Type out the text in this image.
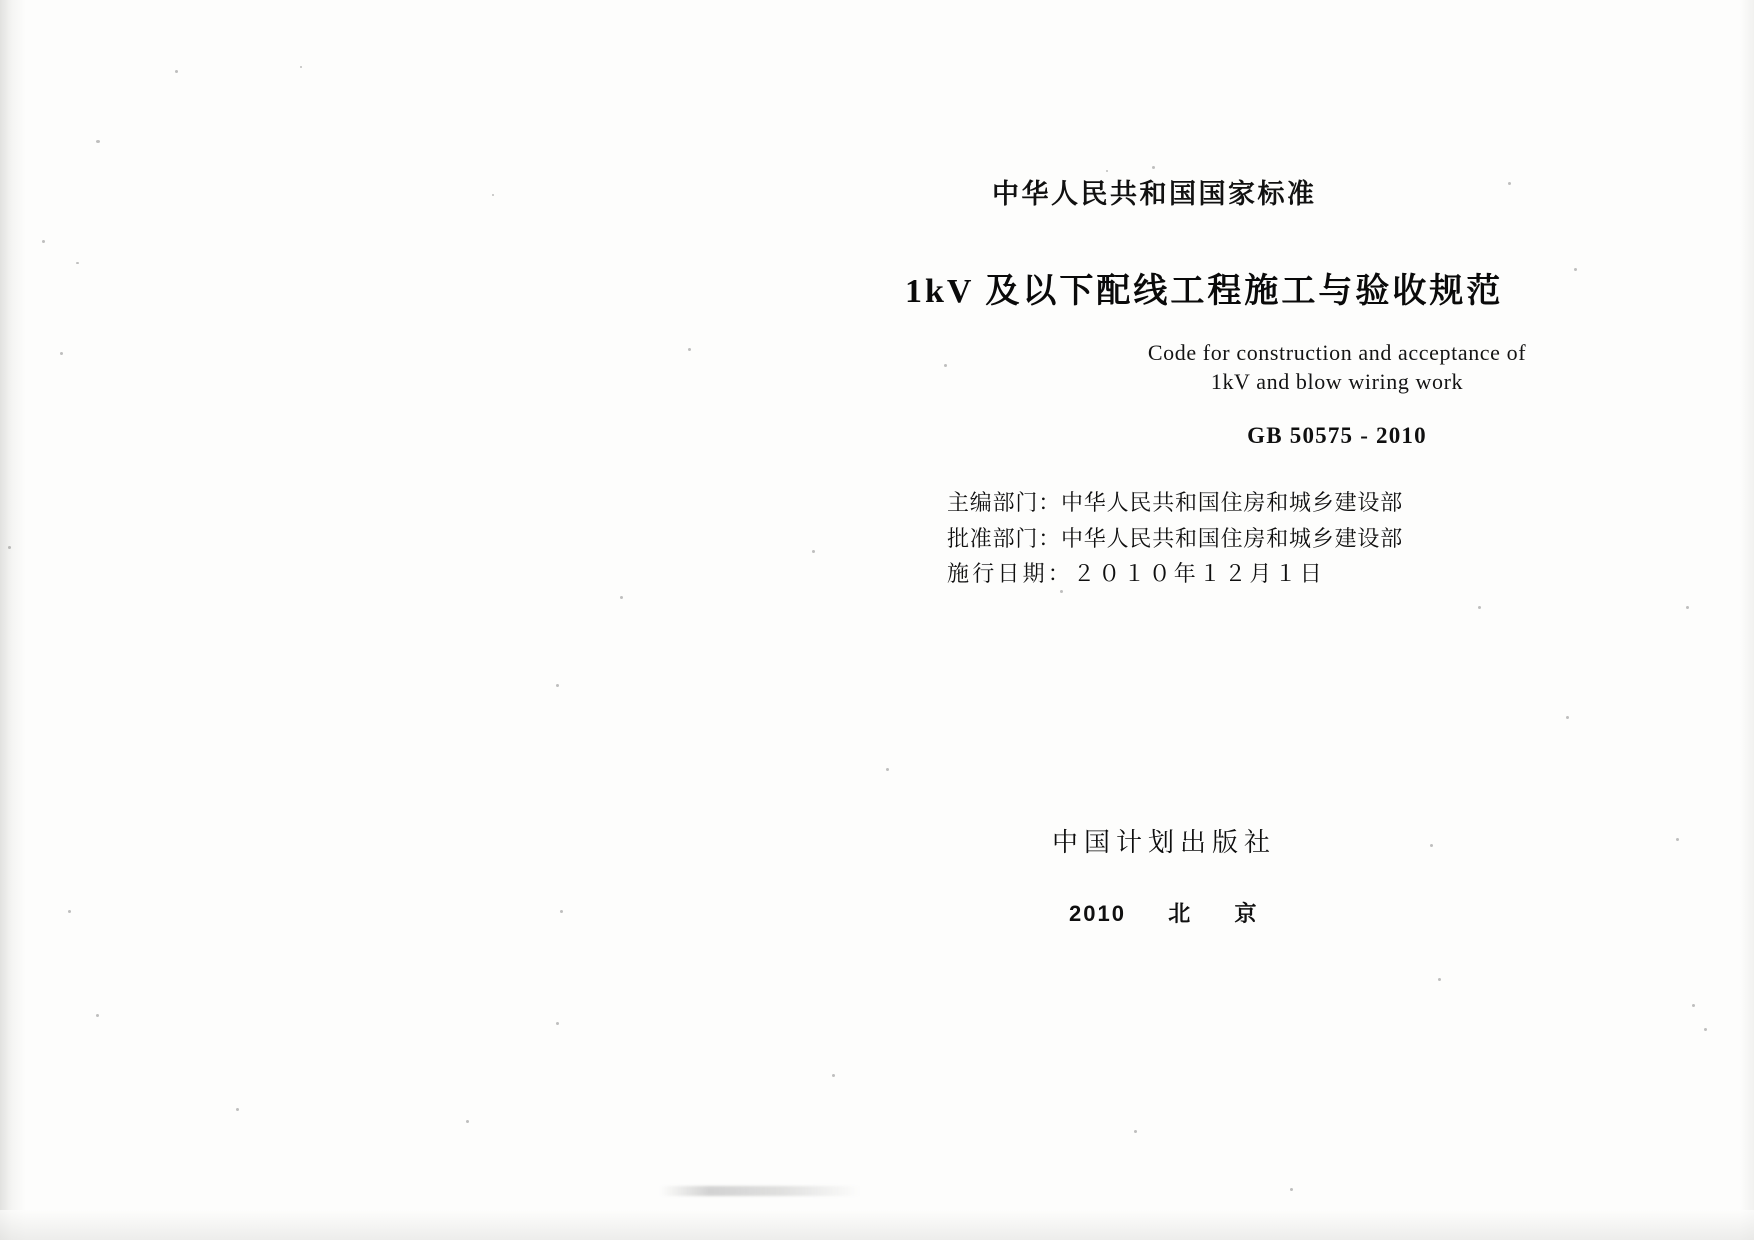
中华人民共和国国家标准

1kV 及以下配线工程施工与验收规范
Code for construction and acceptance of
1kV and blow wiring work

GB 50575 - 2010

主编部门：中华人民共和国住房和城乡建设部
批准部门：中华人民共和国住房和城乡建设部
施行日期：２０１０年１２月１日

中国计划出版社

2010 北 京
